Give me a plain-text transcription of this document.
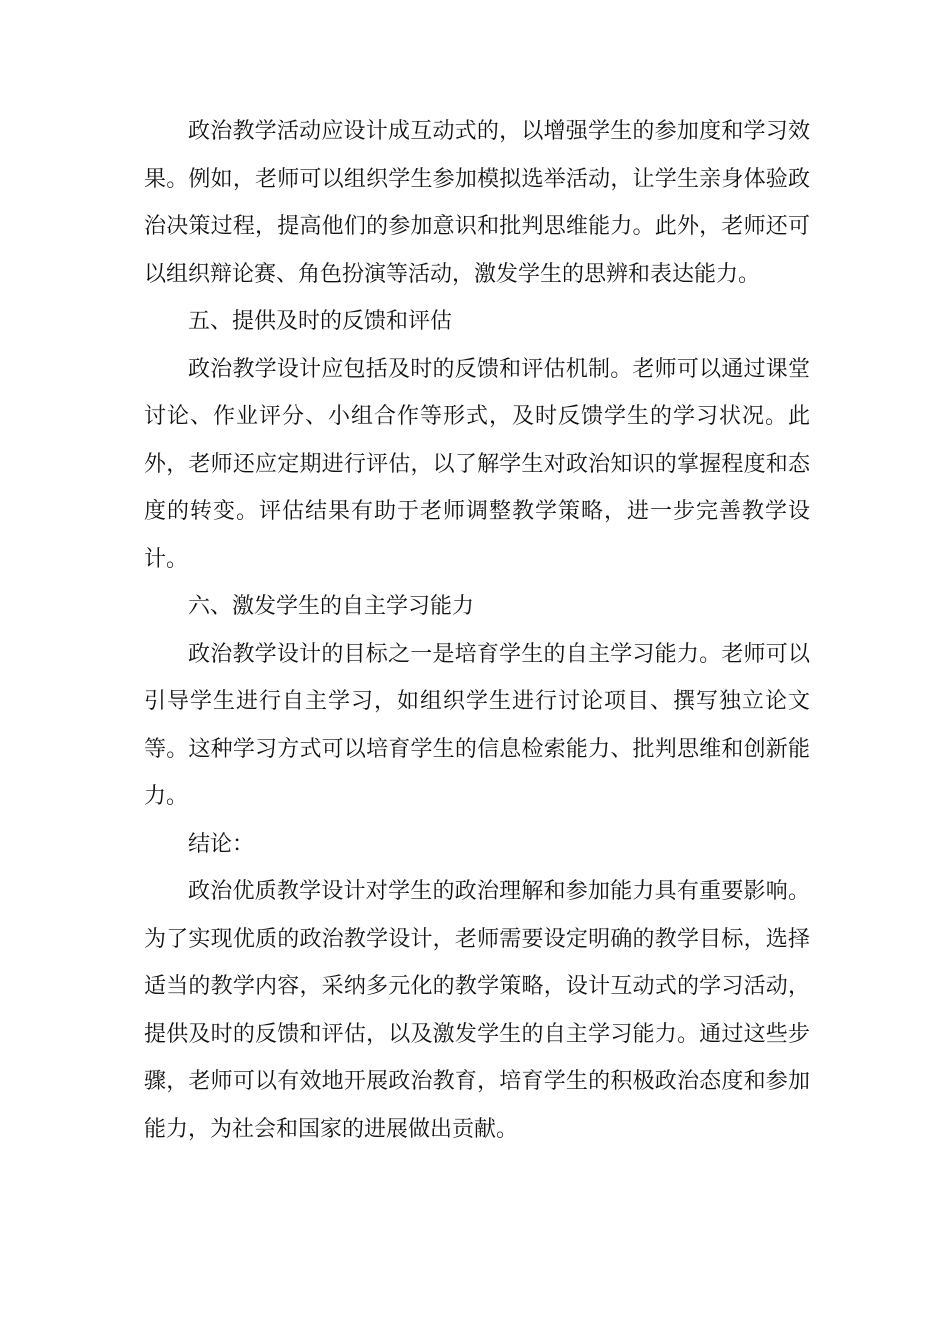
政治教学活动应设计成互动式的，以增强学生的参加度和学习效果。例如，老师可以组织学生参加模拟选举活动，让学生亲身体验政治决策过程，提高他们的参加意识和批判思维能力。此外，老师还可以组织辩论赛、角色扮演等活动，激发学生的思辨和表达能力。

五、提供及时的反馈和评估

政治教学设计应包括及时的反馈和评估机制。老师可以通过课堂讨论、作业评分、小组合作等形式，及时反馈学生的学习状况。此外，老师还应定期进行评估，以了解学生对政治知识的掌握程度和态度的转变。评估结果有助于老师调整教学策略，进一步完善教学设计。

六、激发学生的自主学习能力

政治教学设计的目标之一是培育学生的自主学习能力。老师可以引导学生进行自主学习，如组织学生进行讨论项目、撰写独立论文等。这种学习方式可以培育学生的信息检索能力、批判思维和创新能力。

结论：

政治优质教学设计对学生的政治理解和参加能力具有重要影响。为了实现优质的政治教学设计，老师需要设定明确的教学目标，选择适当的教学内容，采纳多元化的教学策略，设计互动式的学习活动，提供及时的反馈和评估，以及激发学生的自主学习能力。通过这些步骤，老师可以有效地开展政治教育，培育学生的积极政治态度和参加能力，为社会和国家的进展做出贡献。
